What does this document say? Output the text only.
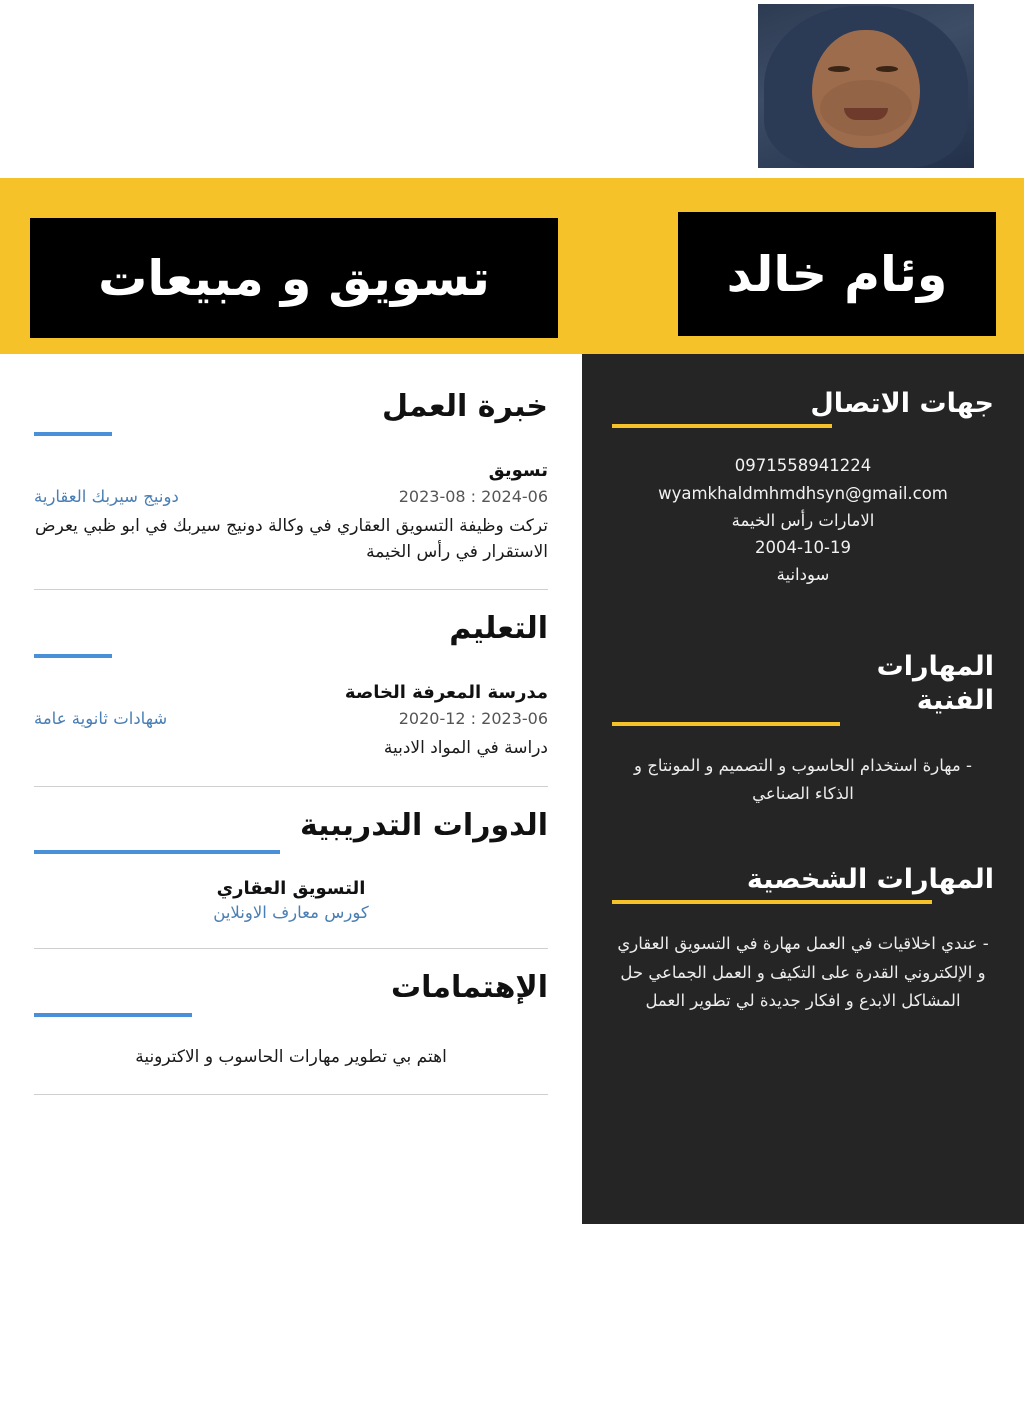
وئام خالد
تسويق و مبيعات
جهات الاتصال
0971558941224
wyamkhaldmhmdhsyn@gmail.com
الامارات رأس الخيمة
2004-10-19
سودانية
المهارات
الفنية
- مهارة استخدام الحاسوب و التصميم و المونتاج و الذكاء الصناعي
المهارات الشخصية
- عندي اخلاقيات في العمل مهارة في التسويق العقاري و الإلكتروني القدرة على التكيف و العمل الجماعي حل المشاكل الابدع و افكار جديدة لي تطوير العمل
خبرة العمل
تسويق
2023-08 : 2024-06
دونيج سيربك العقارية
تركت وظيفة التسويق العقاري في وكالة دونيج سيربك في ابو ظبي يعرض الاستقرار في رأس الخيمة
التعليم
مدرسة المعرفة الخاصة
2020-12 : 2023-06
شهادات ثانوية عامة
دراسة في المواد الادبية
الدورات التدريبية
التسويق العقاري
كورس معارف الاونلاين
الإهتمامات
اهتم بي تطوير مهارات الحاسوب و الاكترونية
